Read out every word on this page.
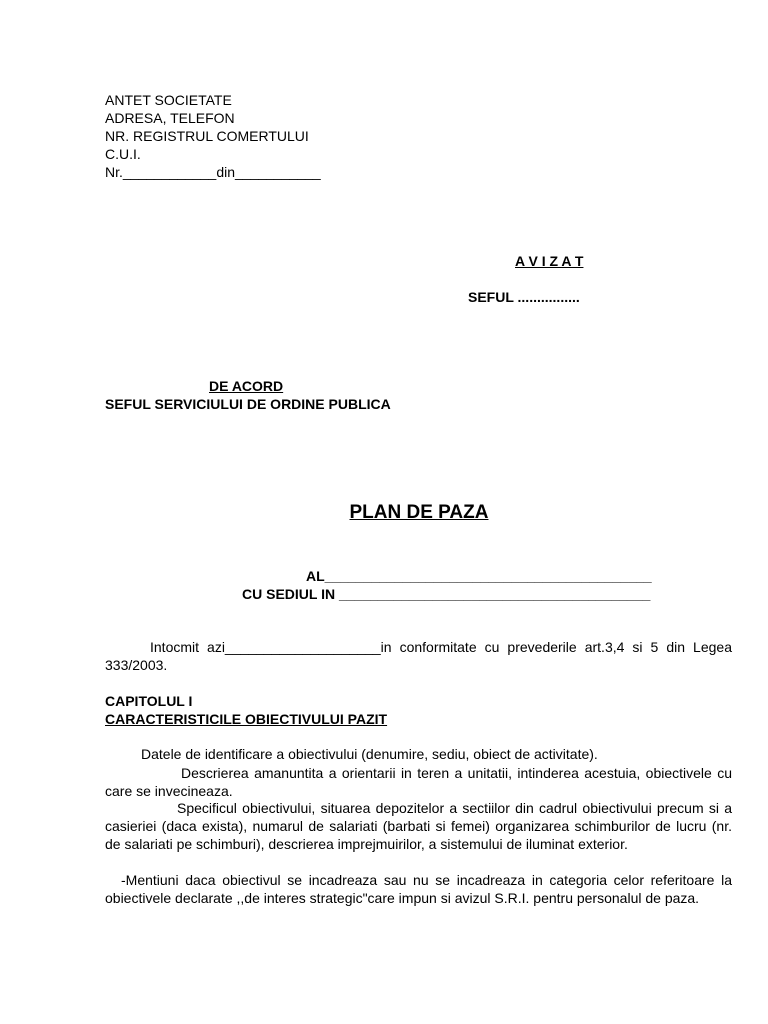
ANTET SOCIETATE
ADRESA, TELEFON
NR. REGISTRUL COMERTULUI
C.U.I.
Nr.____________din___________
A V I Z A T
SEFUL ................
DE ACORD
SEFUL SERVICIULUI DE ORDINE PUBLICA
PLAN DE PAZA
AL__________________________________________
CU SEDIUL IN ________________________________________
Intocmit azi____________________in conformitate cu prevederile art.3,4 si 5 din Legea 333/2003.
CAPITOLUL I
CARACTERISTICILE OBIECTIVULUI PAZIT
Datele de identificare a obiectivului (denumire, sediu, obiect de activitate).
Descrierea amanuntita a orientarii in teren a unitatii, intinderea acestuia, obiectivele cu care se invecineaza.
Specificul obiectivului, situarea depozitelor a sectiilor din cadrul obiectivului precum si a casieriei (daca exista), numarul de salariati (barbati si femei) organizarea schimburilor de lucru (nr. de salariati pe schimburi), descrierea imprejmuirilor, a sistemului de iluminat exterior.
-Mentiuni daca obiectivul se incadreaza sau nu se incadreaza in categoria celor referitoare la obiectivele declarate ,,de interes strategic"care impun si avizul S.R.I. pentru personalul de paza.
